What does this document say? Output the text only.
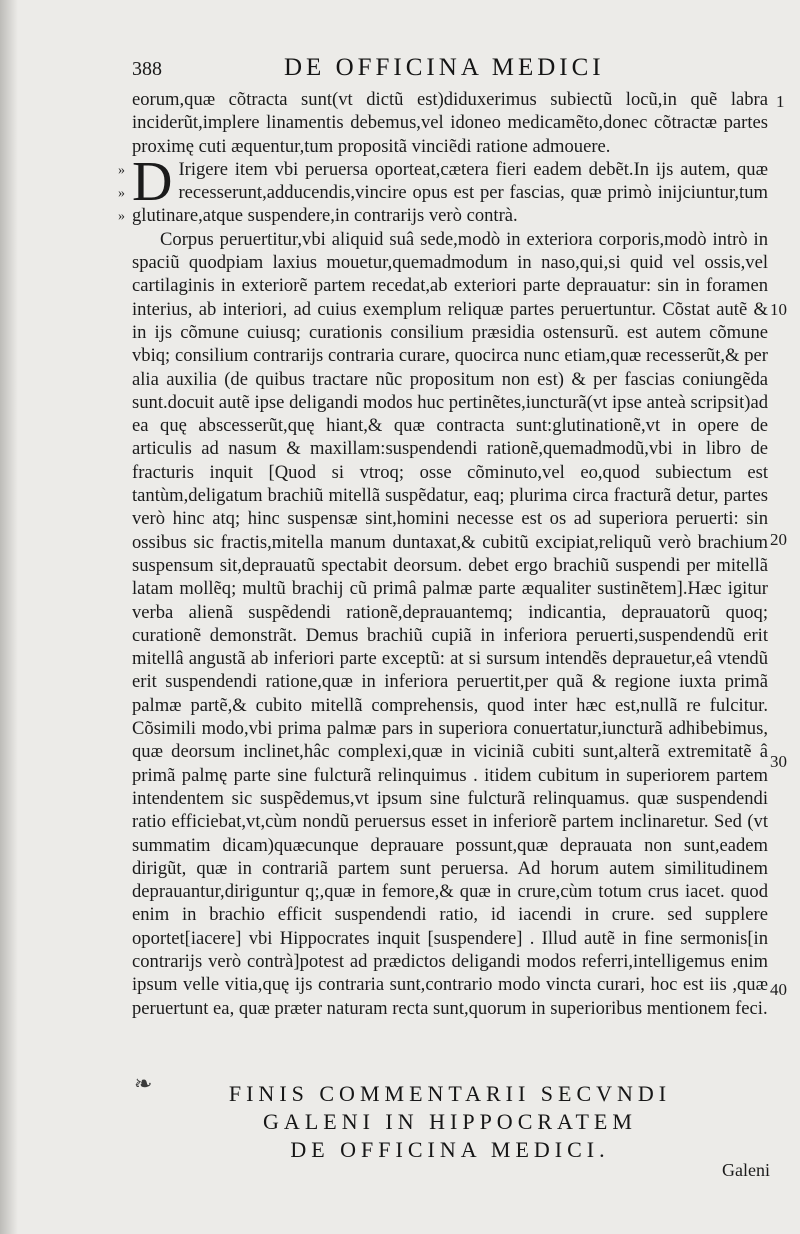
388	DE OFFICINA MEDICI

eorum,quæ cõtracta sunt(vt dictũ est)diduxerimus subiectũ locũ,in quẽ labra inciderũt,implere linamentis debemus,vel idoneo medicamẽto,donec cõtractæ partes proximę cuti æquentur,tum propositã vinciẽdi ratione admouere.

D Irigere item vbi peruersa oporteat,cætera fieri eadem debẽt.In ijs autem, quæ recesserunt,adducendis,vincire opus est per fascias, quæ primò inijciuntur,tum glutinare,atque suspendere,in contrarijs verò contrà.

Corpus peruertitur,vbi aliquid suâ sede,modò in exteriora corporis,modò intrò in spaciũ quodpiam laxius mouetur,quemadmodum in naso,qui,si quid vel ossis,vel cartilaginis in exteriorẽ partem recedat,ab exteriori parte deprauatur: sin in foramen interius, ab interiori, ad cuius exemplum reliquæ partes peruertuntur. Cõstat autẽ & in ijs cõmune cuiusq; curationis consilium præsidia ostensurũ. est autem cõmune vbiq; consilium contrarijs contraria curare, quocirca nunc etiam,quæ recesserũt,& per alia auxilia (de quibus tractare nũc propositum non est) & per fascias coniungẽda sunt.docuit autẽ ipse deligandi modos huc pertinẽtes,iuncturã(vt ipse anteà scripsit)ad ea quę abscesserũt,quę hiant,& quæ contracta sunt:glutinationẽ,vt in opere de articulis ad nasum & maxillam:suspendendi rationẽ,quemadmodũ,vbi in libro de fracturis inquit [Quod si vtroq; osse cõminuto,vel eo,quod subiectum est tantùm,deligatum brachiũ mitellã suspẽdatur, eaq; plurima circa fracturã detur, partes verò hinc atq; hinc suspensæ sint,homini necesse est os ad superiora peruerti: sin ossibus sic fractis,mitella manum duntaxat,& cubitũ excipiat,reliquũ verò brachium suspensum sit,deprauatũ spectabit deorsum. debet ergo brachiũ suspendi per mitellã latam mollẽq; multũ brachij cũ primâ palmæ parte æqualiter sustinẽtem].Hæc igitur verba alienã suspẽdendi rationẽ,deprauantemq; indicantia, deprauatorũ quoq; curationẽ demonstrãt. Demus brachiũ cupiã in inferiora peruerti,suspendendũ erit mitellâ angustã ab inferiori parte exceptũ: at si sursum intendẽs deprauetur,eâ vtendũ erit suspendendi ratione,quæ in inferiora peruertit,per quã & regione iuxta primã palmæ partẽ,& cubito mitellã comprehensis, quod inter hæc est,nullã re fulcitur. Cõsimili modo,vbi prima palmæ pars in superiora conuertatur,iuncturã adhibebimus, quæ deorsum inclinet,hâc complexi,quæ in viciniã cubiti sunt,alterã extremitatẽ â primã palmę parte sine fulcturã relinquimus . itidem cubitum in superiorem partem intendentem sic suspẽdemus,vt ipsum sine fulcturã relinquamus. quæ suspendendi ratio efficiebat,vt,cùm nondũ peruersus esset in inferiorẽ partem inclinaretur. Sed (vt summatim dicam)quæcunque deprauare possunt,quæ deprauata non sunt,eadem dirigũt, quæ in contrariã partem sunt peruersa. Ad horum autem similitudinem deprauantur,diriguntur q;,quæ in femore,& quæ in crure,cùm totum crus iacet. quod enim in brachio efficit suspendendi ratio, id iacendi in crure. sed supplere oportet[iacere] vbi Hippocrates inquit [suspendere] . Illud autẽ in fine sermonis[in contrarijs verò contrà]potest ad prædictos deligandi modos referri,intelligemus enim ipsum velle vitia,quę ijs contraria sunt,contrario modo vincta curari, hoc est iis ,quæ peruertunt ea, quæ præter naturam recta sunt,quorum in superioribus mentionem feci.

1
10
20
30
40
»
»
»
❧	FINIS COMMENTARII SECVNDI
GALENI IN HIPPOCRATEM
DE OFFICINA MEDICI.
Galeni
